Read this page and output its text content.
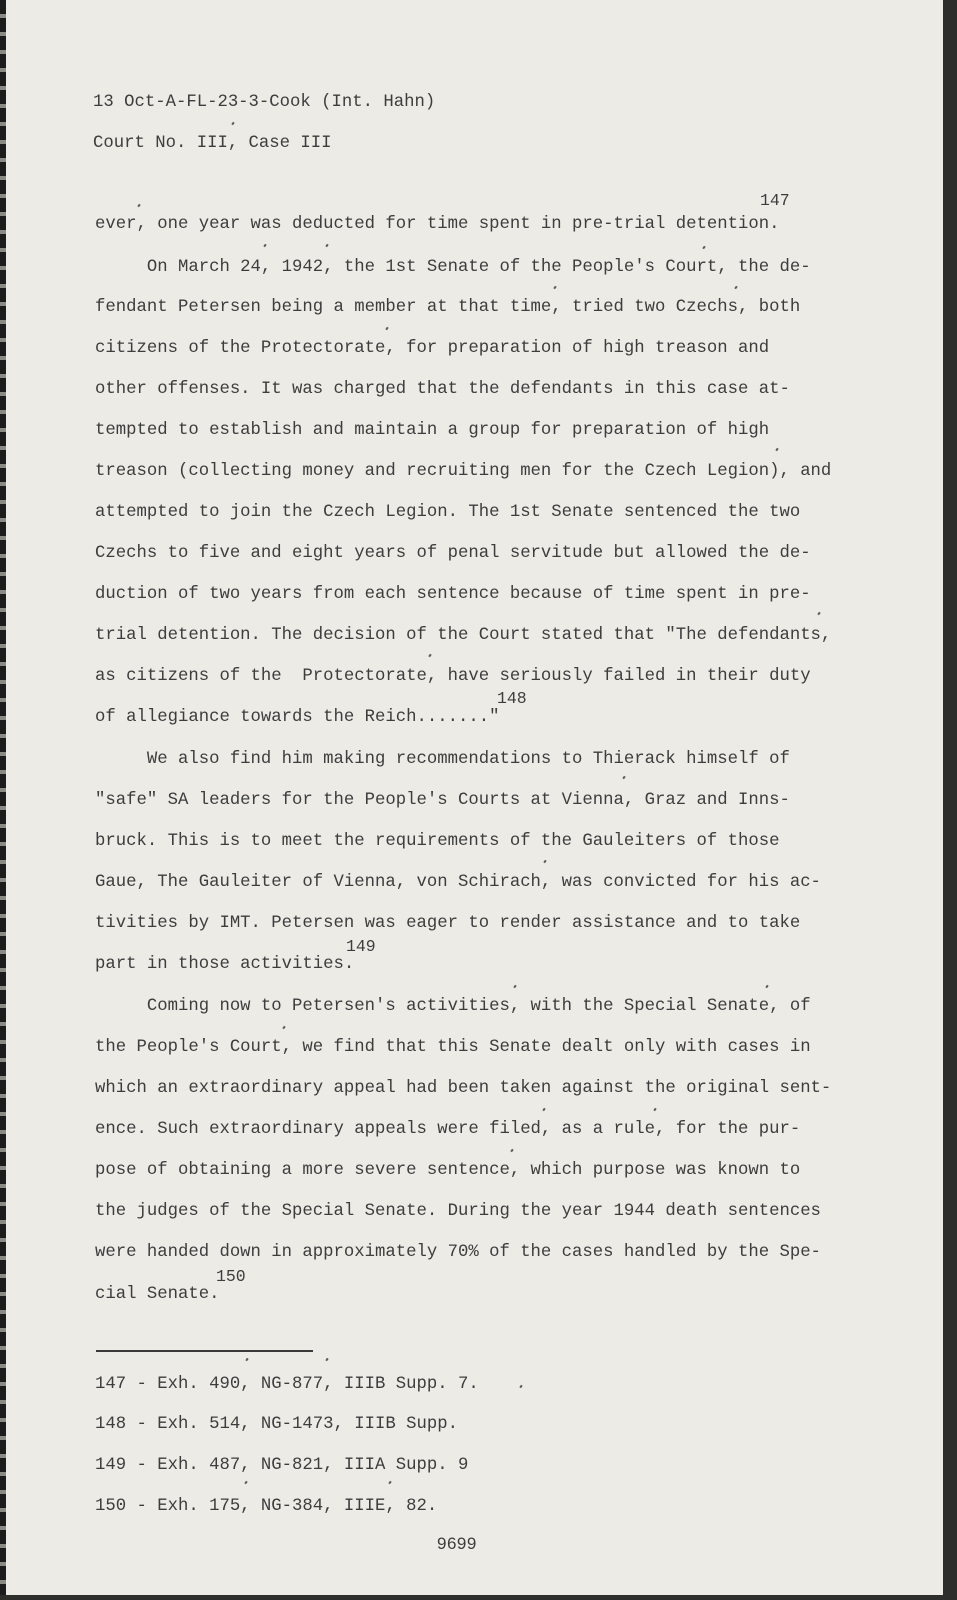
13 Oct-A-FL-23-3-Cook (Int. Hahn)
Court No. III, Case III
147
148
149
150
ever, one year was deducted for time spent in pre-trial detention.
On March 24, 1942, the 1st Senate of the People's Court, the de-
fendant Petersen being a member at that time, tried two Czechs, both
citizens of the Protectorate, for preparation of high treason and
other offenses. It was charged that the defendants in this case at-
tempted to establish and maintain a group for preparation of high
treason (collecting money and recruiting men for the Czech Legion), and
attempted to join the Czech Legion. The 1st Senate sentenced the two
Czechs to five and eight years of penal servitude but allowed the de-
duction of two years from each sentence because of time spent in pre-
trial detention. The decision of the Court stated that "The defendants,
as citizens of the  Protectorate, have seriously failed in their duty
of allegiance towards the Reich......."
We also find him making recommendations to Thierack himself of
"safe" SA leaders for the People's Courts at Vienna, Graz and Inns-
bruck. This is to meet the requirements of the Gauleiters of those
Gaue, The Gauleiter of Vienna, von Schirach, was convicted for his ac-
tivities by IMT. Petersen was eager to render assistance and to take
part in those activities.
Coming now to Petersen's activities, with the Special Senate, of
the People's Court, we find that this Senate dealt only with cases in
which an extraordinary appeal had been taken against the original sent-
ence. Such extraordinary appeals were filed, as a rule, for the pur-
pose of obtaining a more severe sentence, which purpose was known to
the judges of the Special Senate. During the year 1944 death sentences
were handed down in approximately 70% of the cases handled by the Spe-
cial Senate.
147 - Exh. 490, NG-877, IIIB Supp. 7.
148 - Exh. 514, NG-1473, IIIB Supp.
149 - Exh. 487, NG-821, IIIA Supp. 9
150 - Exh. 175, NG-384, IIIE, 82.
9699
